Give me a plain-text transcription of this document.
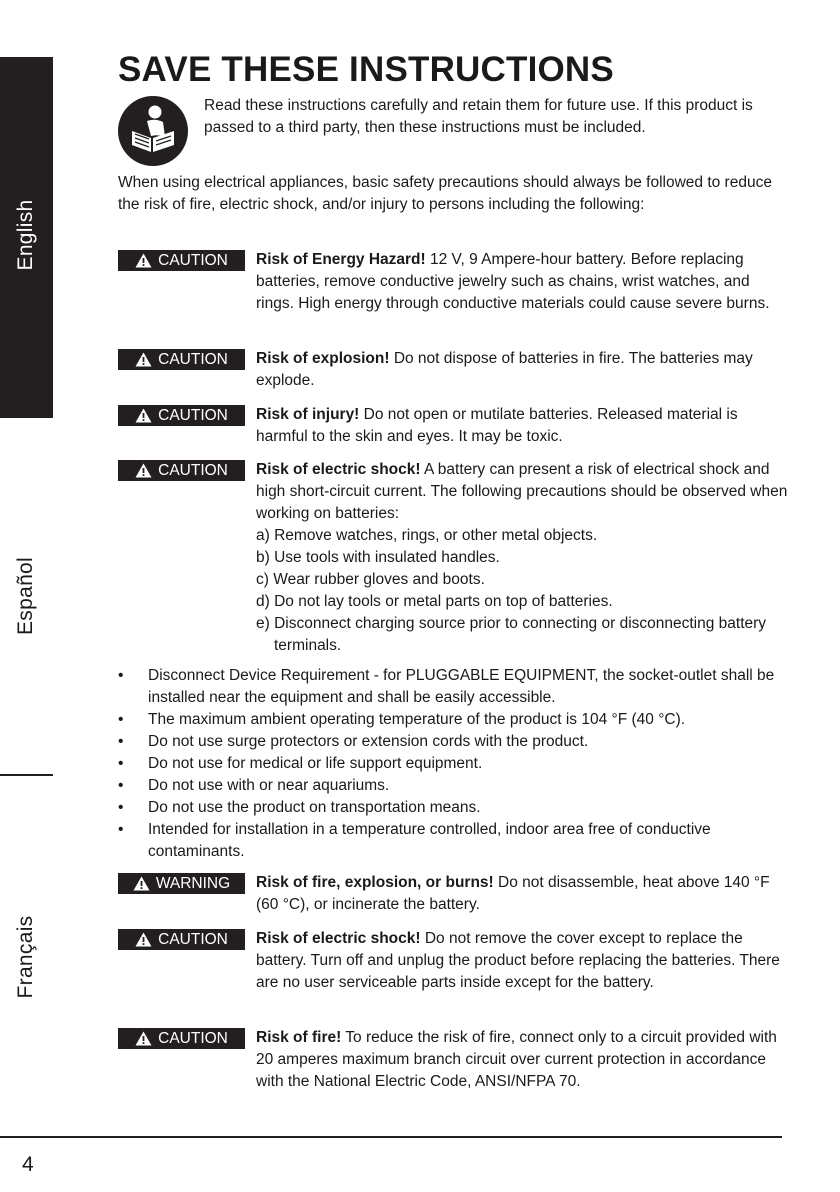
English
Español
Français
SAVE THESE INSTRUCTIONS

Read these instructions carefully and retain them for future use. If this product is passed to a third party, then these instructions must be included.

When using electrical appliances, basic safety precautions should always be followed to reduce the risk of fire, electric shock, and/or injury to persons including the following:

CAUTION Risk of Energy Hazard! 12 V, 9 Ampere-hour battery. Before replacing batteries, remove conductive jewelry such as chains, wrist watches, and rings. High energy through conductive materials could cause severe burns.
CAUTION Risk of explosion! Do not dispose of batteries in fire. The batteries may explode.
CAUTION Risk of injury! Do not open or mutilate batteries. Released material is harmful to the skin and eyes. It may be toxic.
CAUTION Risk of electric shock! A battery can present a risk of electrical shock and high short-circuit current. The following precautions should be observed when working on batteries:
a) Remove watches, rings, or other metal objects.
b) Use tools with insulated handles.
c) Wear rubber gloves and boots.
d) Do not lay tools or metal parts on top of batteries.
e) Disconnect charging source prior to connecting or disconnecting battery terminals.
• Disconnect Device Requirement - for PLUGGABLE EQUIPMENT, the socket-outlet shall be installed near the equipment and shall be easily accessible.
• The maximum ambient operating temperature of the product is 104 °F (40 °C).
• Do not use surge protectors or extension cords with the product.
• Do not use for medical or life support equipment.
• Do not use with or near aquariums.
• Do not use the product on transportation means.
• Intended for installation in a temperature controlled, indoor area free of conductive contaminants.
WARNING Risk of fire, explosion, or burns! Do not disassemble, heat above 140 °F (60 °C), or incinerate the battery.
CAUTION Risk of electric shock! Do not remove the cover except to replace the battery. Turn off and unplug the product before replacing the batteries. There are no user serviceable parts inside except for the battery.
CAUTION Risk of fire! To reduce the risk of fire, connect only to a circuit provided with 20 amperes maximum branch circuit over current protection in accordance with the National Electric Code, ANSI/NFPA 70.
4
